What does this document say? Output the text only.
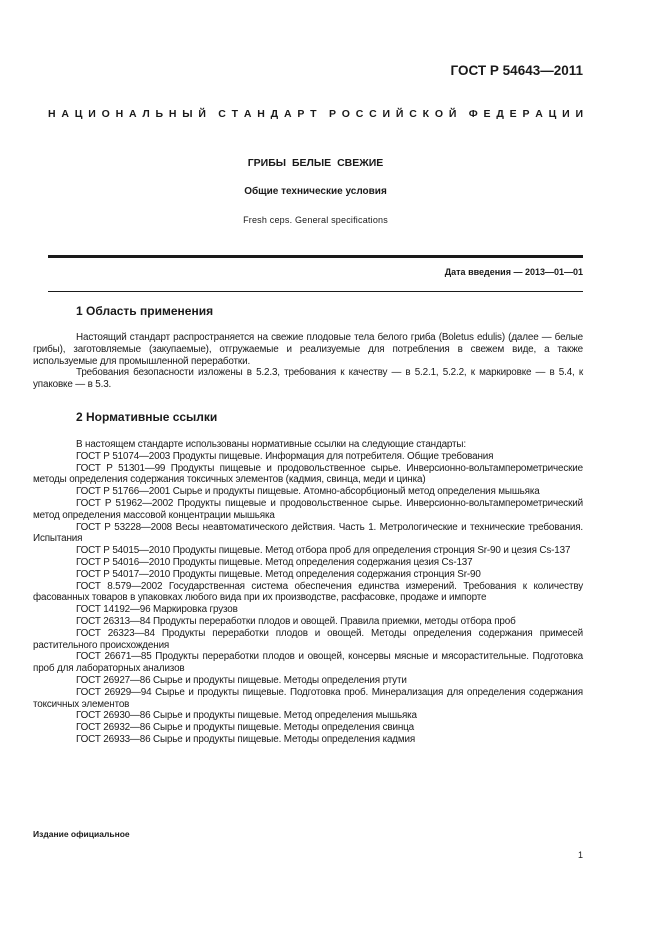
ГОСТ Р 54643—2011
Н А Ц И О Н А Л Ь Н Ы Й С Т А Н Д А Р Т Р О С С И Й С К О Й Ф Е Д Е Р А Ц И И
ГРИБЫ БЕЛЫЕ СВЕЖИЕ
Общие технические условия
Fresh ceps. General specifications
Дата введения — 2013—01—01
1 Область применения

Настоящий стандарт распространяется на свежие плодовые тела белого гриба (Boletus edulis) (далее — белые грибы), заготовляемые (закупаемые), отгружаемые и реализуемые для потребления в свежем виде, а также используемые для промышленной переработки.

Требования безопасности изложены в 5.2.3, требования к качеству — в 5.2.1, 5.2.2, к маркировке — в 5.4, к упаковке — в 5.3.

2 Нормативные ссылки

В настоящем стандарте использованы нормативные ссылки на следующие стандарты:

ГОСТ Р 51074—2003 Продукты пищевые. Информация для потребителя. Общие требования

ГОСТ Р 51301—99 Продукты пищевые и продовольственное сырье. Инверсионно-вольтамперометрические методы определения содержания токсичных элементов (кадмия, свинца, меди и цинка)

ГОСТ Р 51766—2001 Сырье и продукты пищевые. Атомно-абсорбционый метод определения мышьяка

ГОСТ Р 51962—2002 Продукты пищевые и продовольственное сырье. Инверсионно-вольтамперометрический метод определения массовой концентрации мышьяка

ГОСТ Р 53228—2008 Весы неавтоматического действия. Часть 1. Метрологические и технические требования. Испытания

ГОСТ Р 54015—2010 Продукты пищевые. Метод отбора проб для определения стронция Sr-90 и цезия Cs-137

ГОСТ Р 54016—2010 Продукты пищевые. Метод определения содержания цезия Cs-137

ГОСТ Р 54017—2010 Продукты пищевые. Метод определения содержания стронция Sr-90

ГОСТ 8.579—2002 Государственная система обеспечения единства измерений. Требования к количеству фасованных товаров в упаковках любого вида при их производстве, расфасовке, продаже и импорте

ГОСТ 14192—96 Маркировка грузов

ГОСТ 26313—84 Продукты переработки плодов и овощей. Правила приемки, методы отбора проб

ГОСТ 26323—84 Продукты переработки плодов и овощей. Методы определения содержания примесей растительного происхождения

ГОСТ 26671—85 Продукты переработки плодов и овощей, консервы мясные и мясорастительные. Подготовка проб для лабораторных анализов

ГОСТ 26927—86 Сырье и продукты пищевые. Методы определения ртути

ГОСТ 26929—94 Сырье и продукты пищевые. Подготовка проб. Минерализация для определения содержания токсичных элементов

ГОСТ 26930—86 Сырье и продукты пищевые. Метод определения мышьяка

ГОСТ 26932—86 Сырье и продукты пищевые. Методы определения свинца

ГОСТ 26933—86 Сырье и продукты пищевые. Методы определения кадмия

Издание официальное
1
